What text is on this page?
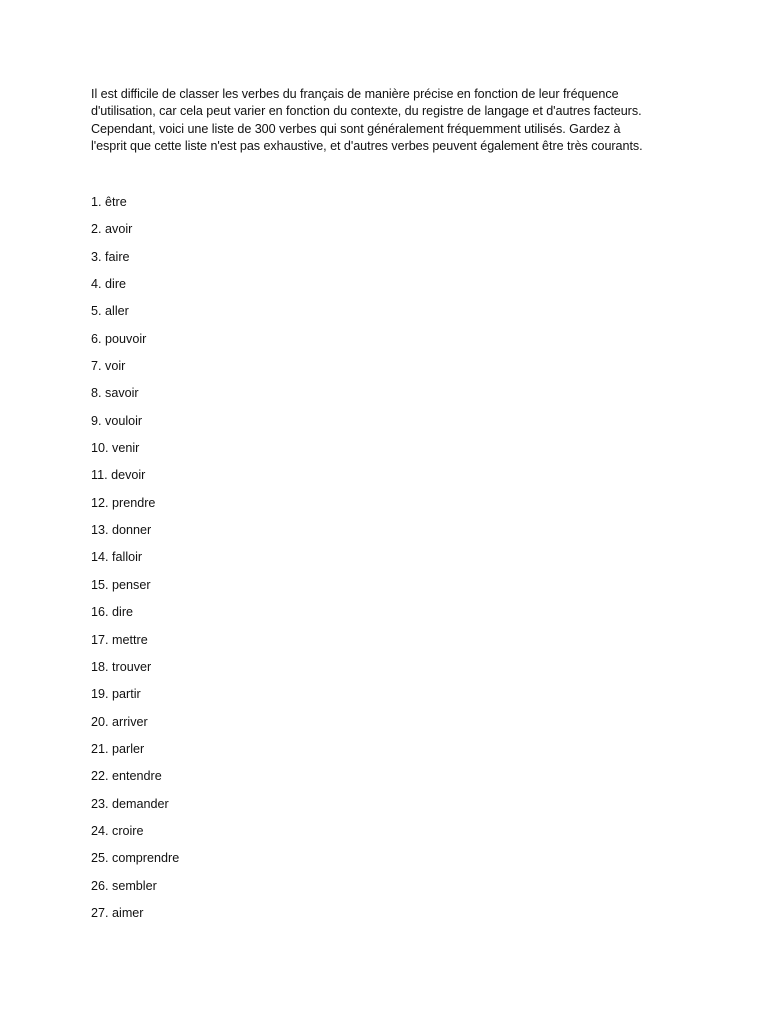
Il est difficile de classer les verbes du français de manière précise en fonction de leur fréquence
d'utilisation, car cela peut varier en fonction du contexte, du registre de langage et d'autres facteurs.
Cependant, voici une liste de 300 verbes qui sont généralement fréquemment utilisés. Gardez à
l'esprit que cette liste n'est pas exhaustive, et d'autres verbes peuvent également être très courants.

1. être
2. avoir
3. faire
4. dire
5. aller
6. pouvoir
7. voir
8. savoir
9. vouloir
10. venir
11. devoir
12. prendre
13. donner
14. falloir
15. penser
16. dire
17. mettre
18. trouver
19. partir
20. arriver
21. parler
22. entendre
23. demander
24. croire
25. comprendre
26. sembler
27. aimer
